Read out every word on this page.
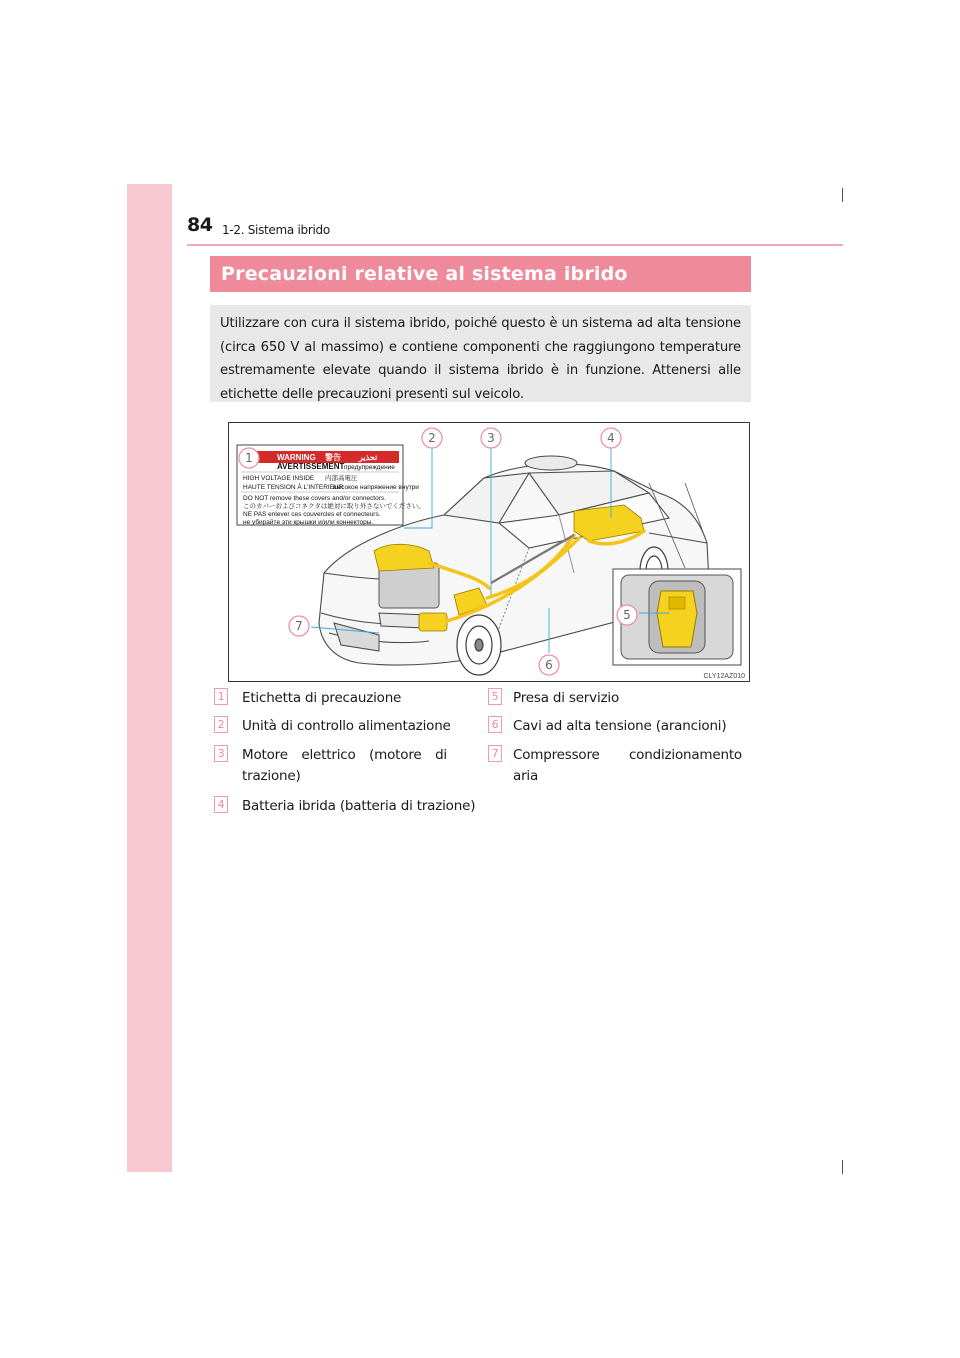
84 1-2. Sistema ibrido
Precauzioni relative al sistema ibrido
Utilizzare con cura il sistema ibrido, poiché questo è un sistema ad alta tensione (circa 650 V al massimo) e contiene componenti che raggiungono temperature estremamente elevate quando il sistema ibrido è in funzione. Attenersi alle etichette delle precauzioni presenti sul veicolo.
WARNING 警告 تحذير
AVERTISSEMENT предупреждение
HIGH VOLTAGE INSIDE 内部高電圧
HAUTE TENSION À L'INTERIEUR
высокое напряжение внутри
DO NOT remove these covers and/or connectors.
このカバーおよびコネクタは絶対に取り外さないでください。
NE PAS enlever ces couvercles et connecteurs.
не убирайте эти крышки и/или коннекторы.
1
2	3	4
5
6
7
CLY12AZ010
1 Etichetta di precauzione
2 Unità di controllo alimentazione
3 Motore elettrico (motore di trazione)
4 Batteria ibrida (batteria di trazione)
5 Presa di servizio
6 Cavi ad alta tensione (arancioni)
7 Compressore condizionamento aria
